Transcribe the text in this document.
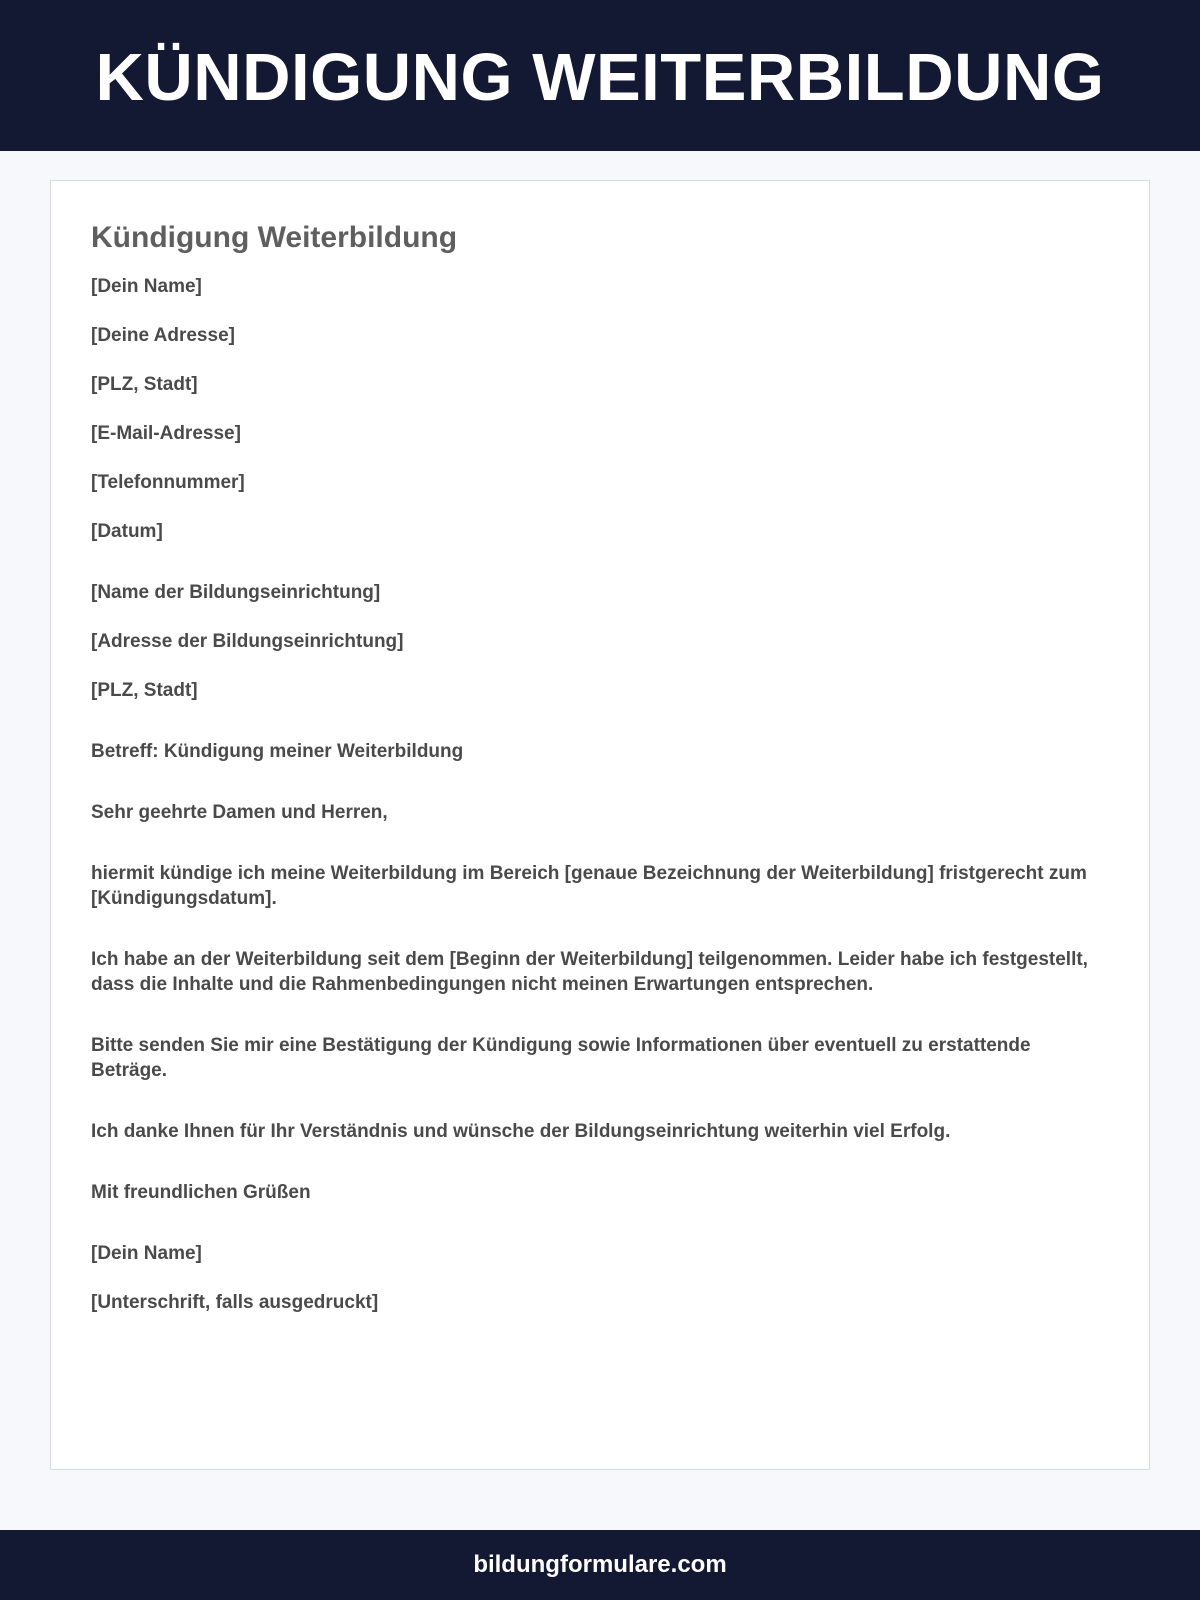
KÜNDIGUNG WEITERBILDUNG
Kündigung Weiterbildung
[Dein Name]
[Deine Adresse]
[PLZ, Stadt]
[E-Mail-Adresse]
[Telefonnummer]
[Datum]
[Name der Bildungseinrichtung]
[Adresse der Bildungseinrichtung]
[PLZ, Stadt]
Betreff: Kündigung meiner Weiterbildung
Sehr geehrte Damen und Herren,

hiermit kündige ich meine Weiterbildung im Bereich [genaue Bezeichnung der Weiterbildung] fristgerecht zum [Kündigungsdatum].

Ich habe an der Weiterbildung seit dem [Beginn der Weiterbildung] teilgenommen. Leider habe ich festgestellt, dass die Inhalte und die Rahmenbedingungen nicht meinen Erwartungen entsprechen.

Bitte senden Sie mir eine Bestätigung der Kündigung sowie Informationen über eventuell zu erstattende Beträge.

Ich danke Ihnen für Ihr Verständnis und wünsche der Bildungseinrichtung weiterhin viel Erfolg.

Mit freundlichen Grüßen
[Dein Name]
[Unterschrift, falls ausgedruckt]
bildungformulare.com
